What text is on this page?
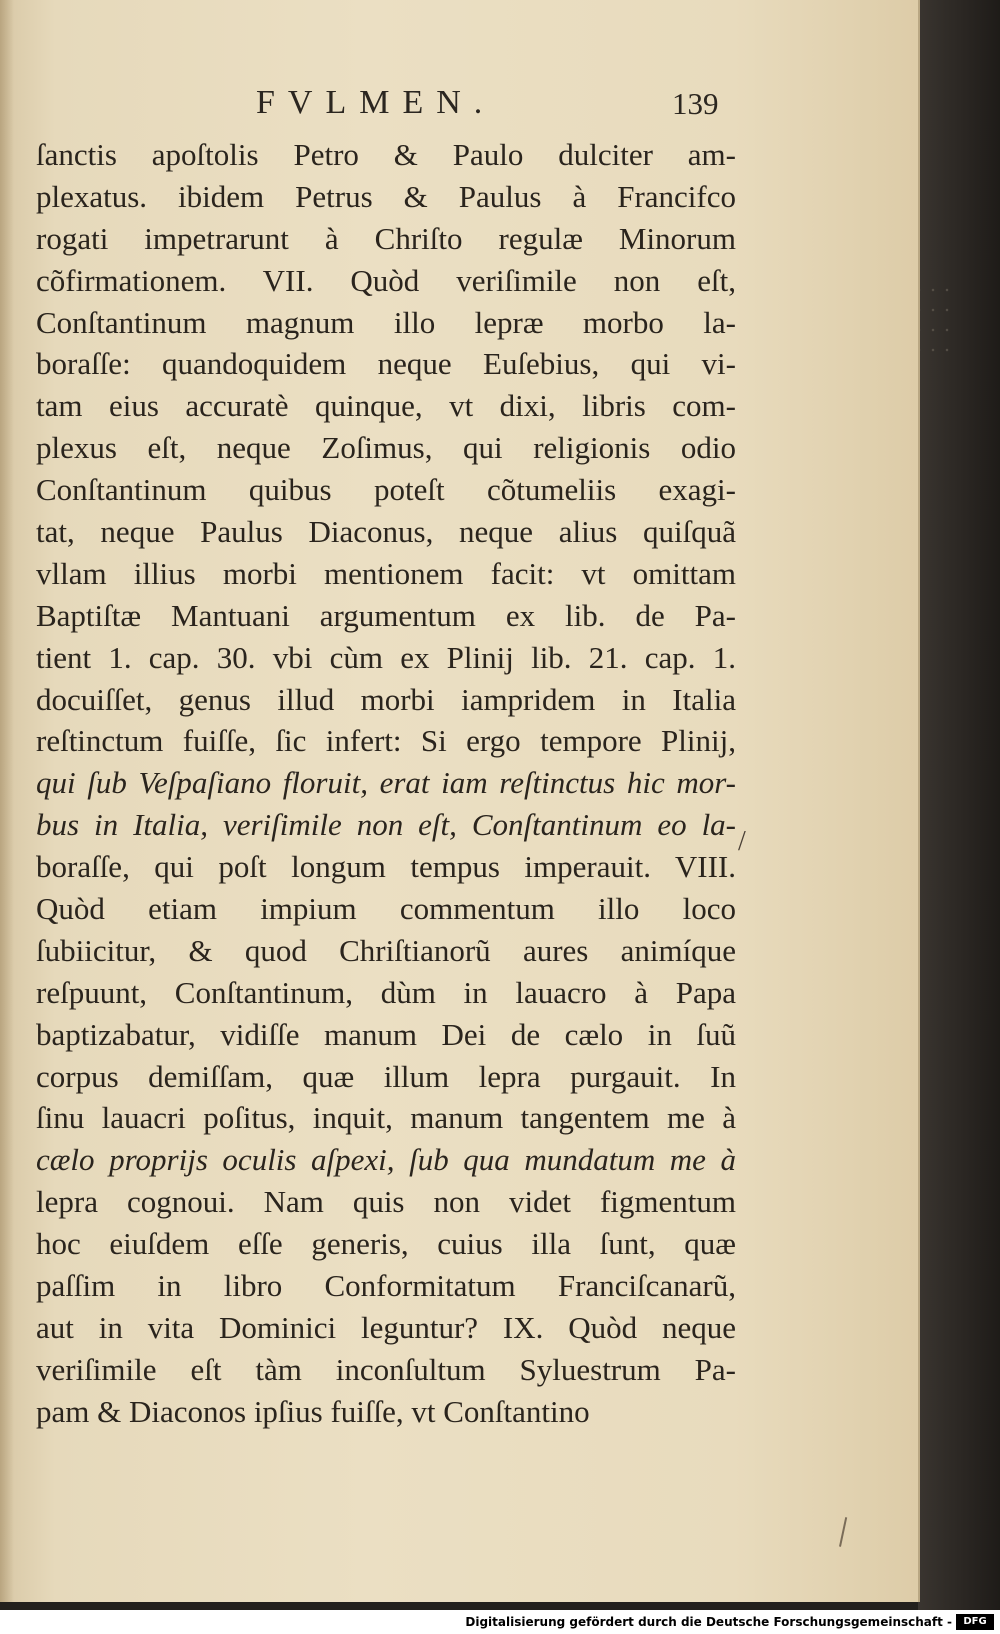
FVLMEN.	139
ſanctis apoſtolis Petro & Paulo dulciter am-
plexatus. ibidem Petrus & Paulus à Francifco
rogati impetrarunt à Chriſto regulæ Minorum
cõfirmationem. VII. Quòd veriſimile non eſt,
Conſtantinum magnum illo lepræ morbo la-
boraſſe: quandoquidem neque Euſebius, qui vi-
tam eius accuratè quinque, vt dixi, libris com-
plexus eſt, neque Zoſimus, qui religionis odio
Conſtantinum quibus poteſt cõtumeliis exagi-
tat, neque Paulus Diaconus, neque alius quiſquã
vllam illius morbi mentionem facit: vt omittam
Baptiſtæ Mantuani argumentum ex lib. de Pa-
tient 1. cap. 30. vbi cùm ex Plinij lib. 21. cap. 1.
docuiſſet, genus illud morbi iampridem in Italia
reſtinctum fuiſſe, ſic infert: Si ergo tempore Plinij,
qui ſub Veſpaſiano floruit, erat iam reſtinctus hic mor-
bus in Italia, veriſimile non eſt, Conſtantinum eo la-
boraſſe, qui poſt longum tempus imperauit. VIII.
Quòd etiam impium commentum illo loco
ſubiicitur, & quod Chriſtianorũ aures animíque
reſpuunt, Conſtantinum, dùm in lauacro à Papa
baptizabatur, vidiſſe manum Dei de cælo in ſuũ
corpus demiſſam, quæ illum lepra purgauit. In
ſinu lauacri poſitus, inquit, manum tangentem me à
cælo proprijs oculis aſpexi, ſub qua mundatum me à
lepra cognoui. Nam quis non videt figmentum
hoc eiuſdem eſſe generis, cuius illa ſunt, quæ
paſſim in libro Conformitatum Franciſcanarũ,
aut in vita Dominici leguntur? IX. Quòd neque
veriſimile eſt tàm inconſultum Syluestrum Pa-
pam & Diaconos ipſius fuiſſe, vt Conſtantino
/
Digitalisierung gefördert durch die Deutsche Forschungsgemeinschaft -	DFG
